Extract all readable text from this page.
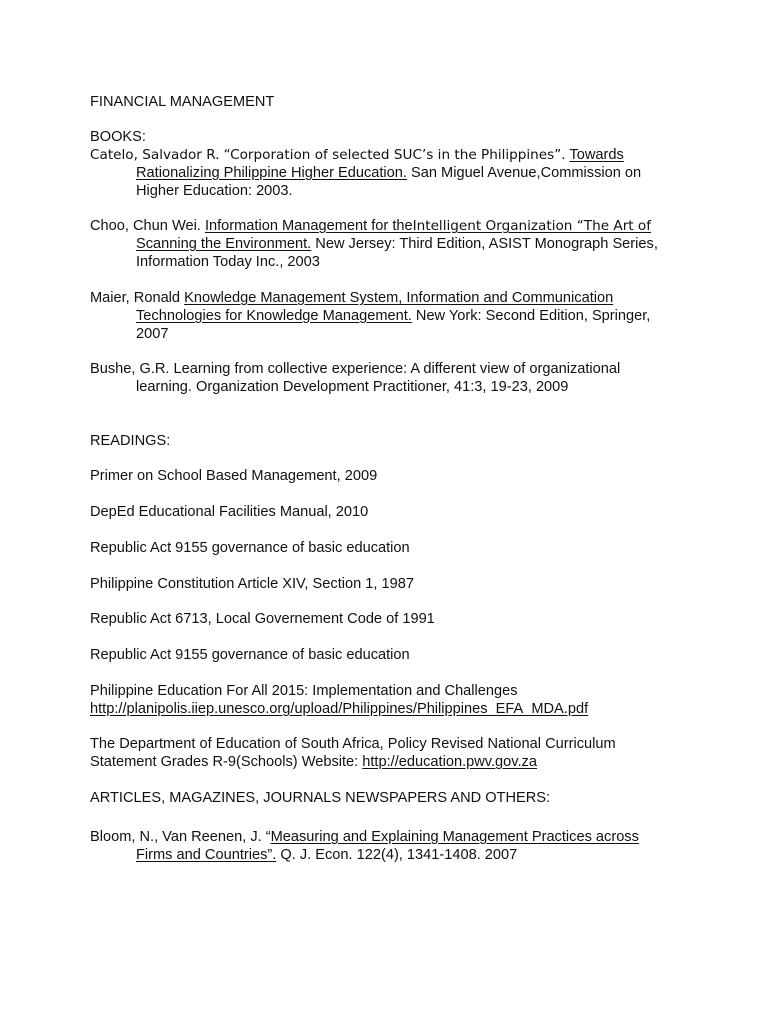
FINANCIAL MANAGEMENT
BOOKS:
Catelo, Salvador R. “Corporation of selected SUC’s in the Philippines”. Towards
Rationalizing Philippine Higher Education. San Miguel Avenue,Commission on
Higher Education: 2003.
Choo, Chun Wei. Information Management for theIntelligent Organization “The Art of
Scanning the Environment. New Jersey: Third Edition, ASIST Monograph Series,
Information Today Inc., 2003
Maier, Ronald Knowledge Management System, Information and Communication
Technologies for Knowledge Management. New York: Second Edition, Springer,
2007
Bushe, G.R. Learning from collective experience: A different view of organizational
learning. Organization Development Practitioner, 41:3, 19-23, 2009
READINGS:
Primer on School Based Management, 2009
DepEd Educational Facilities Manual, 2010
Republic Act 9155 governance of basic education
Philippine Constitution Article XIV, Section 1, 1987
Republic Act 6713, Local Governement Code of 1991
Republic Act 9155 governance of basic education
Philippine Education For All 2015: Implementation and Challenges
http://planipolis.iiep.unesco.org/upload/Philippines/Philippines_EFA_MDA.pdf
The Department of Education of South Africa, Policy Revised National Curriculum
Statement Grades R-9(Schools) Website: http://education.pwv.gov.za
ARTICLES, MAGAZINES, JOURNALS NEWSPAPERS AND OTHERS:
Bloom, N., Van Reenen, J. “Measuring and Explaining Management Practices across
Firms and Countries”. Q. J. Econ. 122(4), 1341-1408. 2007
